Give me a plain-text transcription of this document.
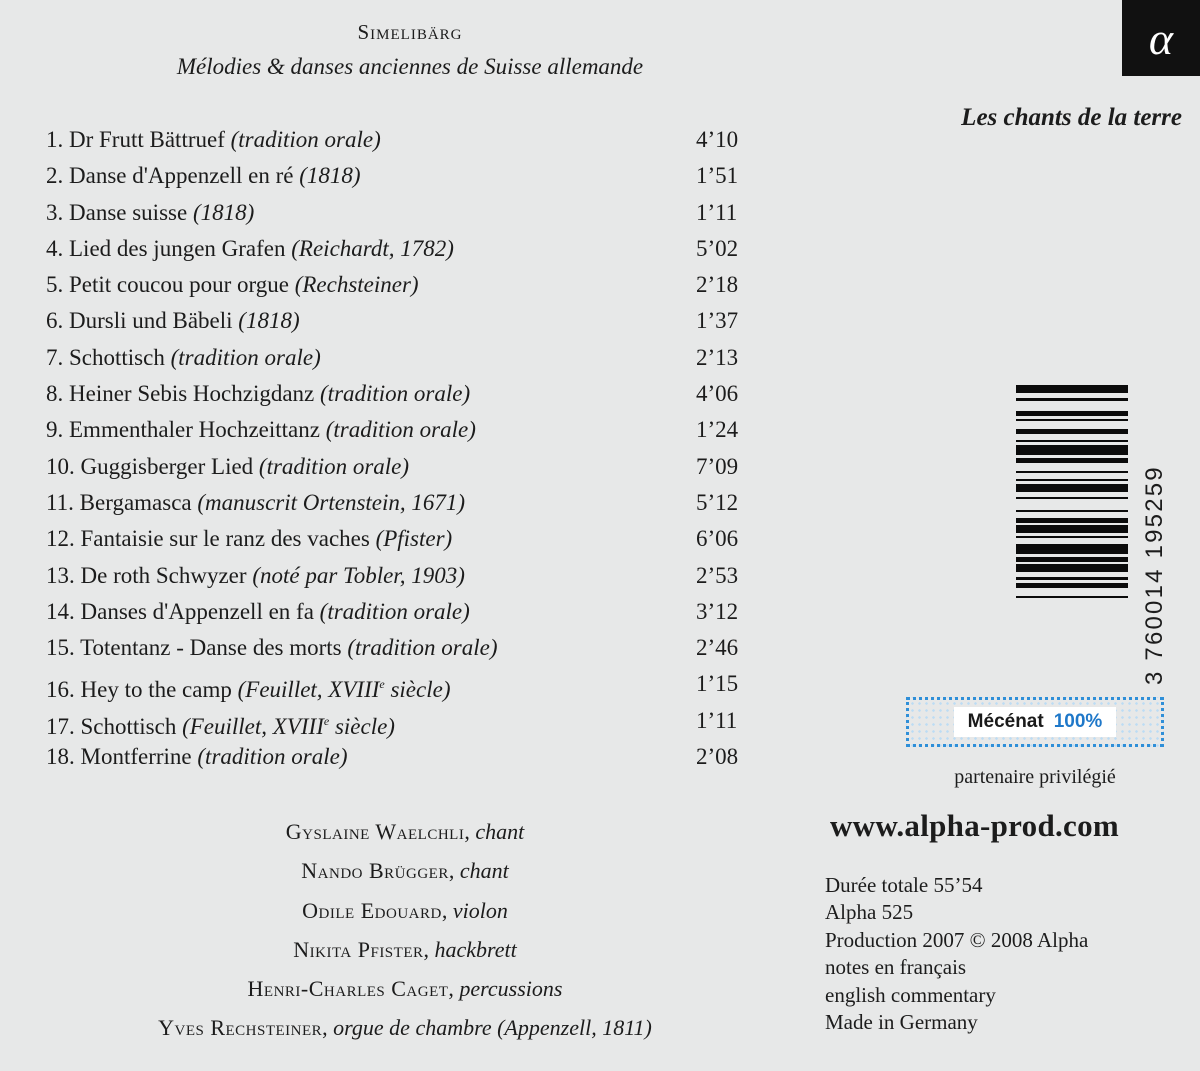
Simelibärg
Mélodies & danses anciennes de Suisse allemande
α
Les chants de la terre
1. Dr Frutt Bättruef (tradition orale)	4’10
2. Danse d'Appenzell en ré (1818)	1’51
3. Danse suisse (1818)	1’11
4. Lied des jungen Grafen (Reichardt, 1782)	5’02
5. Petit coucou pour orgue (Rechsteiner)	2’18
6. Dursli und Bäbeli (1818)	1’37
7. Schottisch (tradition orale)	2’13
8. Heiner Sebis Hochzigdanz (tradition orale)	4’06
9. Emmenthaler Hochzeittanz (tradition orale)	1’24
10. Guggisberger Lied (tradition orale)	7’09
11. Bergamasca (manuscrit Ortenstein, 1671)	5’12
12. Fantaisie sur le ranz des vaches (Pfister)	6’06
13. De roth Schwyzer (noté par Tobler, 1903)	2’53
14. Danses d'Appenzell en fa (tradition orale)	3’12
15. Totentanz - Danse des morts (tradition orale)	2’46
16. Hey to the camp (Feuillet, XVIIIe siècle)	1’15
17. Schottisch (Feuillet, XVIIIe siècle)	1’11
18. Montferrine (tradition orale)	2’08
Gyslaine Waelchli, chant
Nando Brügger, chant
Odile Edouard, violon
Nikita Pfister, hackbrett
Henri-Charles Caget, percussions
Yves Rechsteiner, orgue de chambre (Appenzell, 1811)
3 760014 195259
Mécénat 100%
partenaire privilégié
www.alpha-prod.com
Durée totale 55’54
Alpha 525
Production 2007 © 2008 Alpha
notes en français
english commentary
Made in Germany
